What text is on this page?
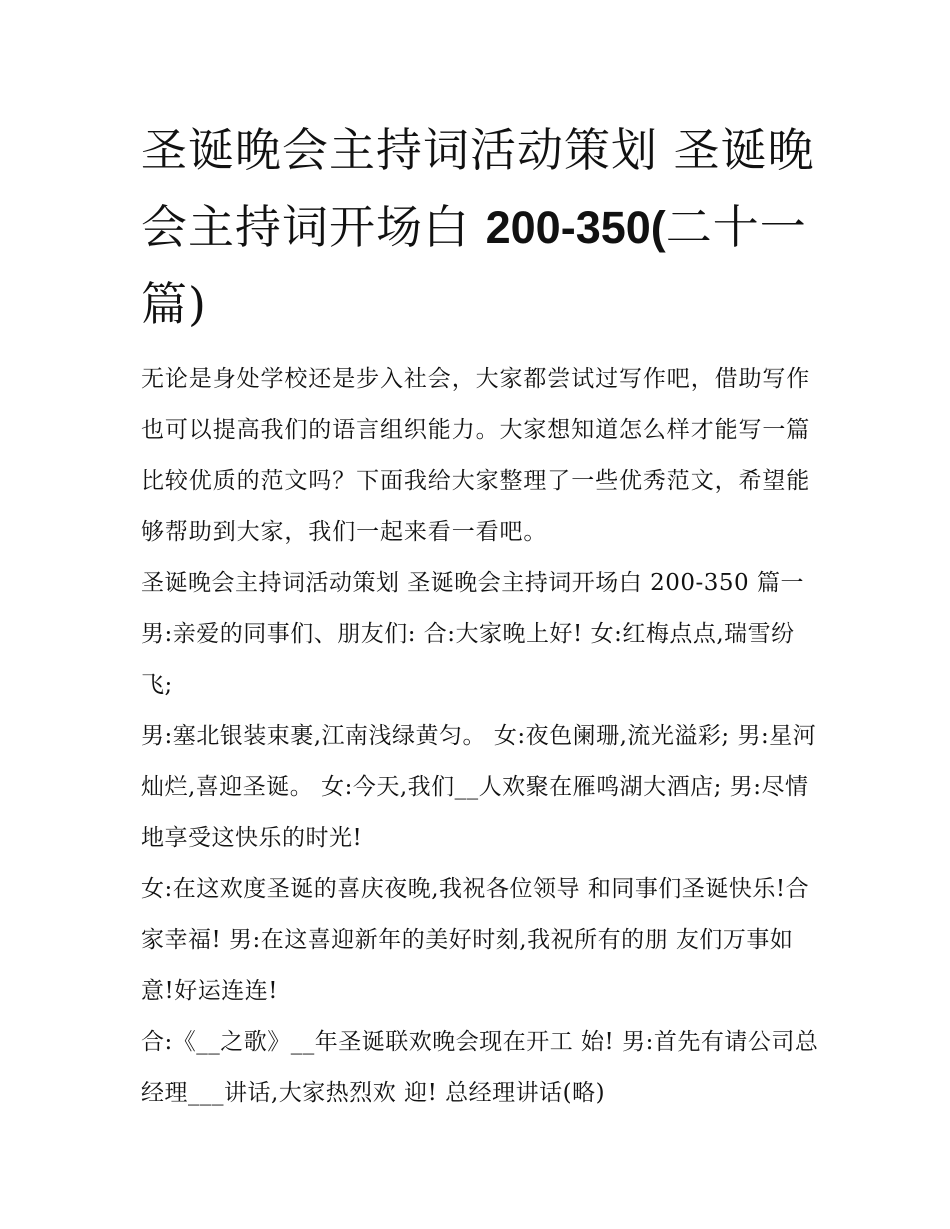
圣诞晚会主持词活动策划 圣诞晚会主持词开场白 200-350(二十一篇)

无论是身处学校还是步入社会，大家都尝试过写作吧，借助写作也可以提高我们的语言组织能力。大家想知道怎么样才能写一篇比较优质的范文吗？下面我给大家整理了一些优秀范文，希望能够帮助到大家，我们一起来看一看吧。

圣诞晚会主持词活动策划 圣诞晚会主持词开场白 200-350 篇一

男:亲爱的同事们、朋友们: 合:大家晚上好! 女:红梅点点,瑞雪纷飞;

男:塞北银装束裹,江南浅绿黄匀。 女:夜色阑珊,流光溢彩; 男:星河灿烂,喜迎圣诞。 女:今天,我们__人欢聚在雁鸣湖大酒店; 男:尽情地享受这快乐的时光!

女:在这欢度圣诞的喜庆夜晚,我祝各位领导 和同事们圣诞快乐!合家幸福! 男:在这喜迎新年的美好时刻,我祝所有的朋 友们万事如意!好运连连!

合:《__之歌》__年圣诞联欢晚会现在开工 始! 男:首先有请公司总经理___讲话,大家热烈欢 迎! 总经理讲话(略)
